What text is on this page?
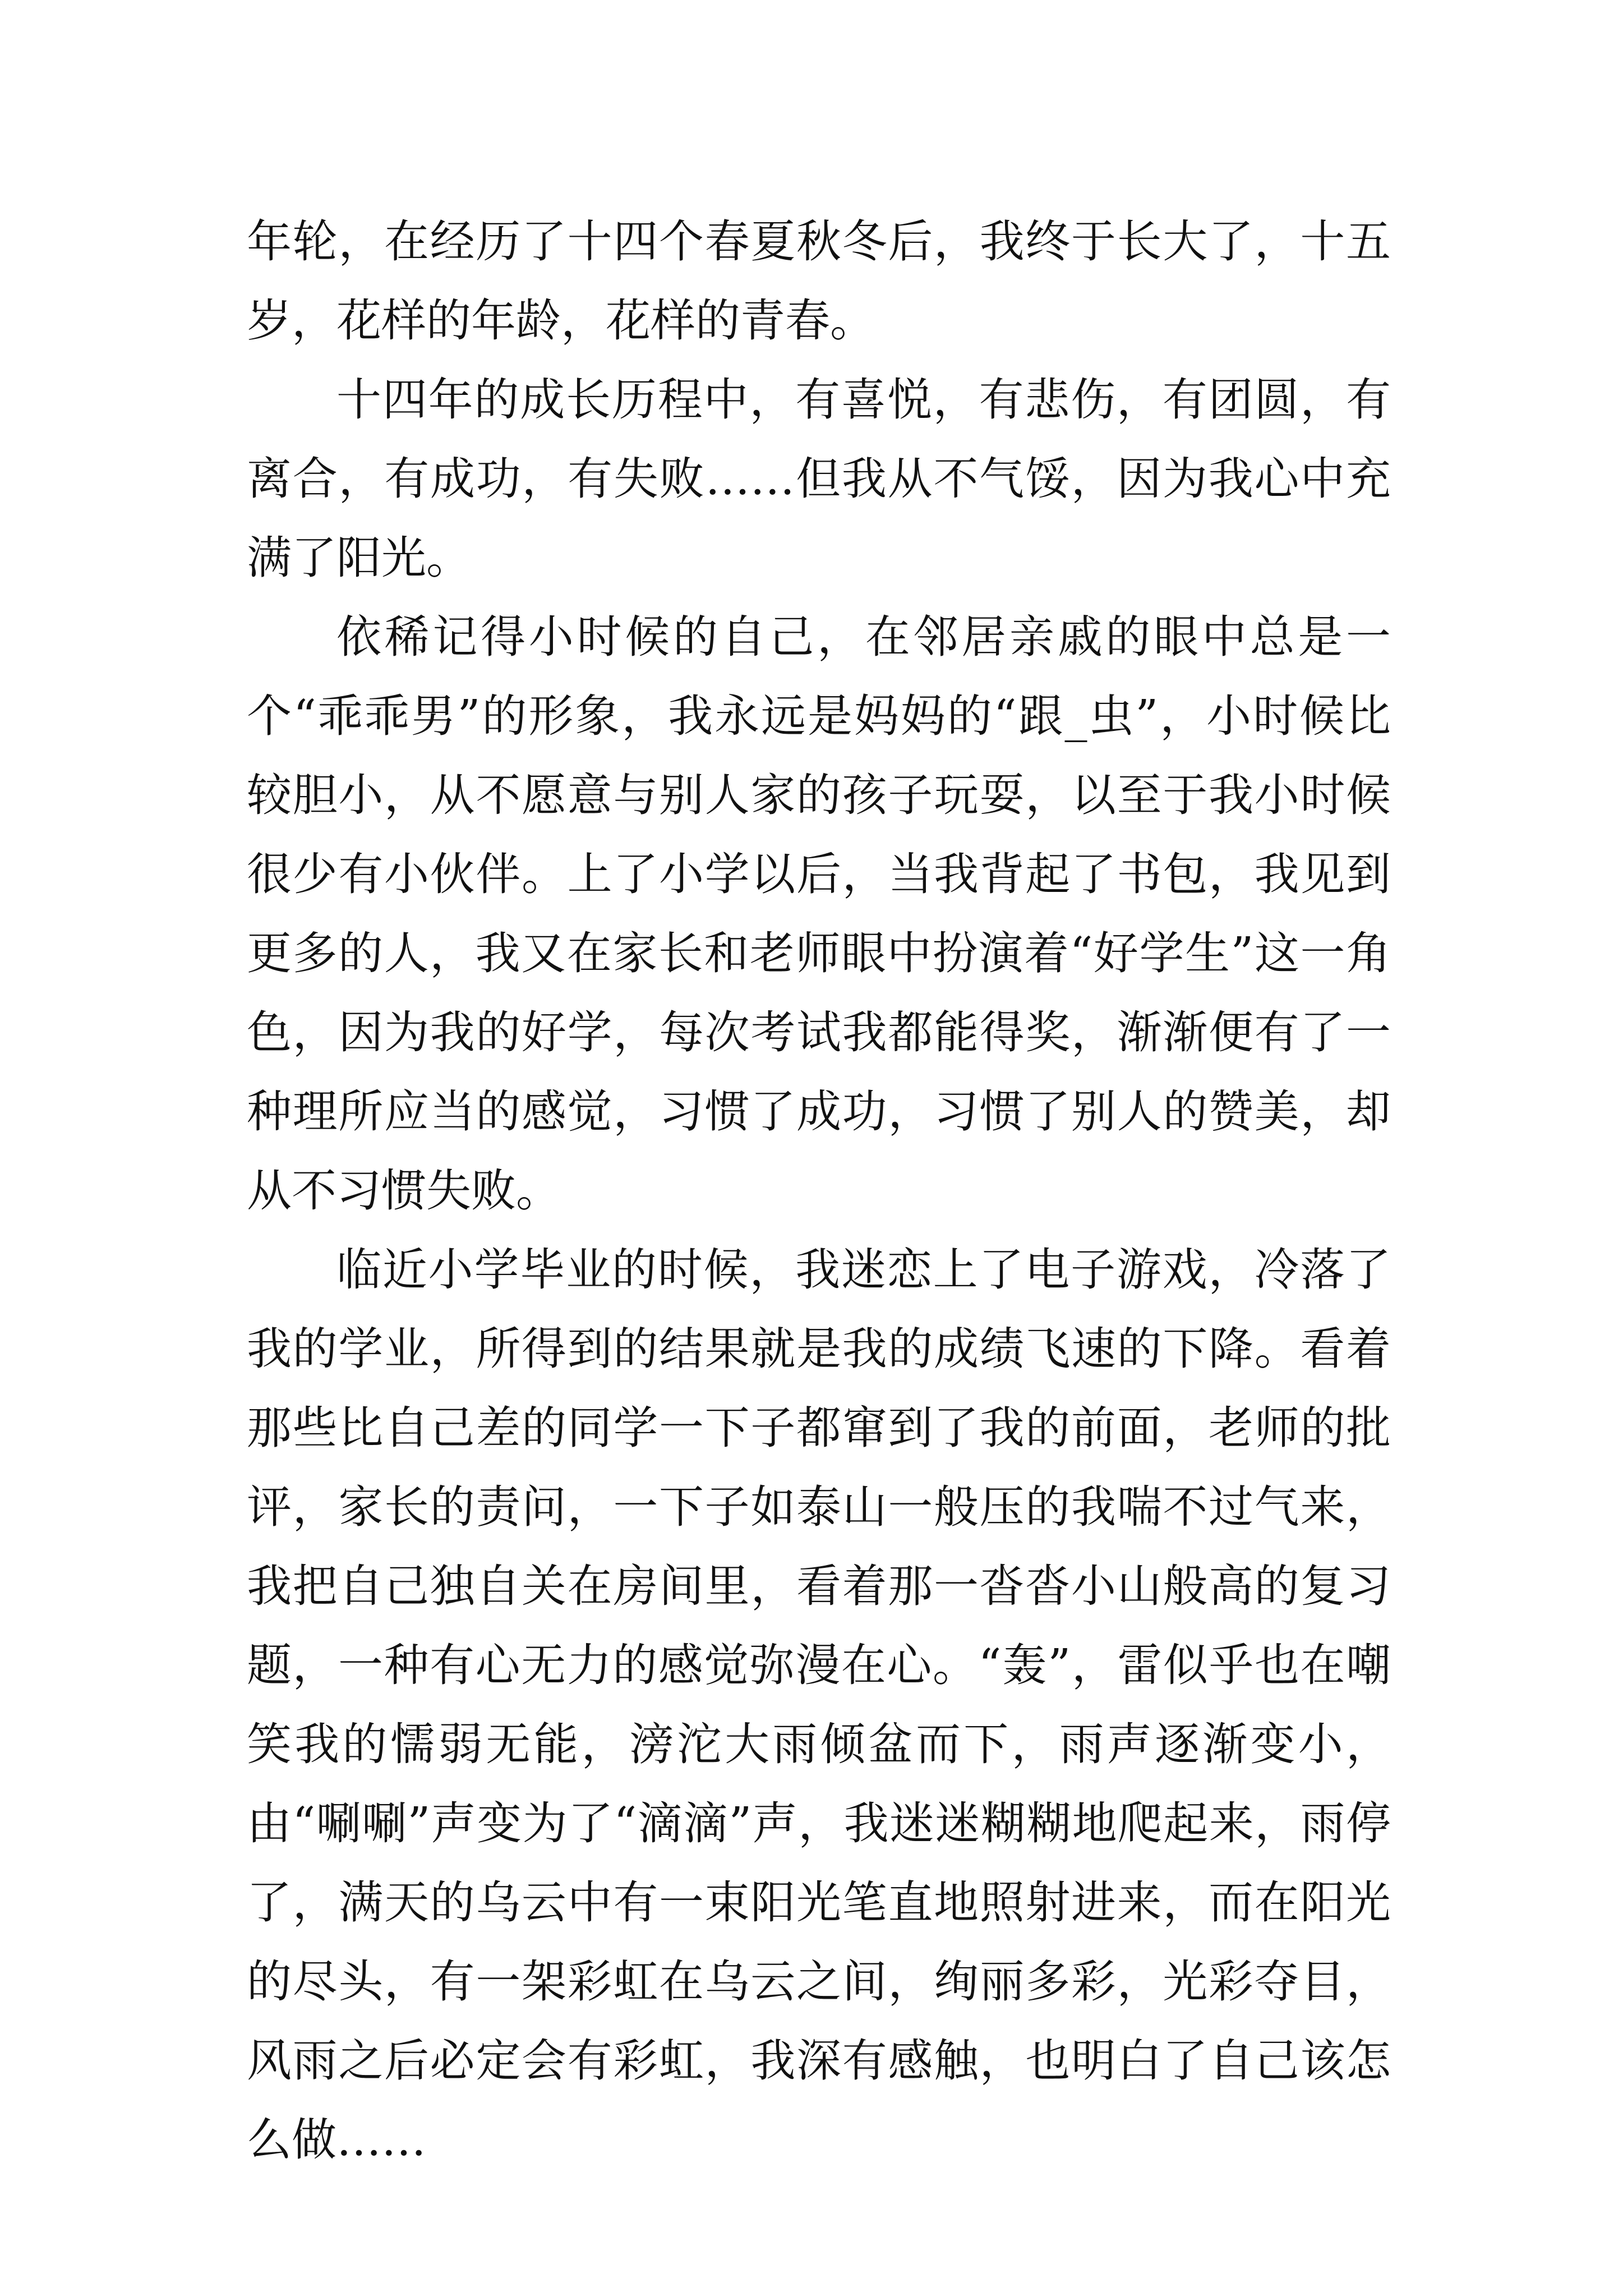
年轮，在经历了十四个春夏秋冬后，我终于长大了，十五岁，花样的年龄，花样的青春。

十四年的成长历程中，有喜悦，有悲伤，有团圆，有离合，有成功，有失败……但我从不气馁，因为我心中充满了阳光。

依稀记得小时候的自己，在邻居亲戚的眼中总是一个“乖乖男”的形象，我永远是妈妈的“跟_虫”，小时候比较胆小，从不愿意与别人家的孩子玩耍，以至于我小时候很少有小伙伴。上了小学以后，当我背起了书包，我见到更多的人，我又在家长和老师眼中扮演着“好学生”这一角色，因为我的好学，每次考试我都能得奖，渐渐便有了一种理所应当的感觉，习惯了成功，习惯了别人的赞美，却从不习惯失败。

临近小学毕业的时候，我迷恋上了电子游戏，冷落了我的学业，所得到的结果就是我的成绩飞速的下降。看着那些比自己差的同学一下子都窜到了我的前面，老师的批评，家长的责问，一下子如泰山一般压的我喘不过气来，我把自己独自关在房间里，看着那一沓沓小山般高的复习题，一种有心无力的感觉弥漫在心。“轰”，雷似乎也在嘲笑我的懦弱无能，滂沱大雨倾盆而下，雨声逐渐变小，由“唰唰”声变为了“滴滴”声，我迷迷糊糊地爬起来，雨停了，满天的乌云中有一束阳光笔直地照射进来，而在阳光的尽头，有一架彩虹在乌云之间，绚丽多彩，光彩夺目，风雨之后必定会有彩虹，我深有感触，也明白了自己该怎么做……
